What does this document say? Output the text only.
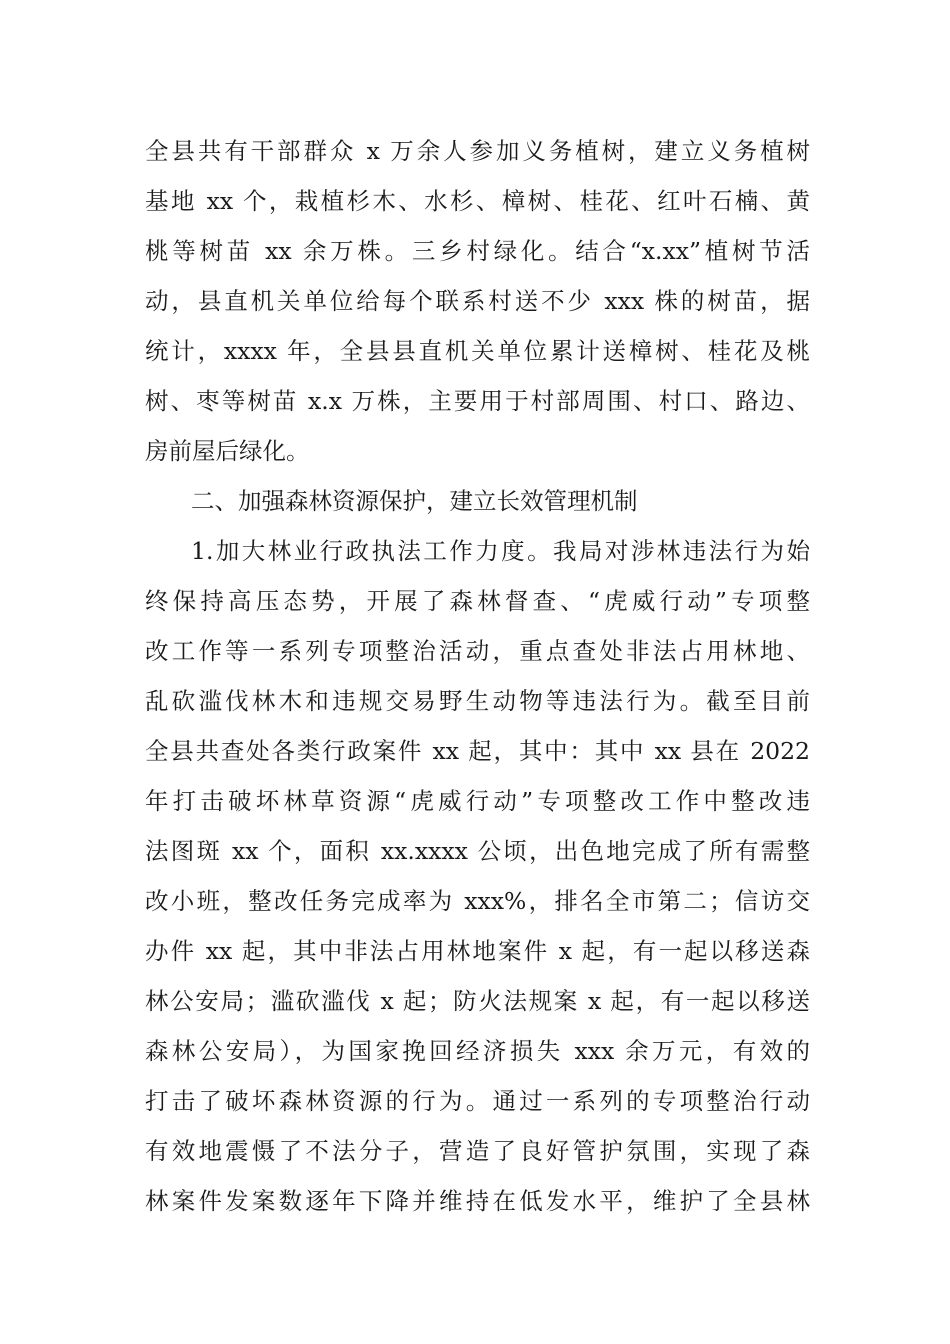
全县共有干部群众 x 万余人参加义务植树，建立义务植树
基地 xx 个，栽植杉木、水杉、樟树、桂花、红叶石楠、黄
桃等树苗 xx 余万株。三乡村绿化。结合“x.xx”植树节活
动，县直机关单位给每个联系村送不少 xxx 株的树苗，据
统计，xxxx 年，全县县直机关单位累计送樟树、桂花及桃
树、枣等树苗 x.x 万株，主要用于村部周围、村口、路边、
房前屋后绿化。
二、加强森林资源保护，建立长效管理机制
1.加大林业行政执法工作力度。我局对涉林违法行为始
终保持高压态势，开展了森林督查、“虎威行动”专项整
改工作等一系列专项整治活动，重点查处非法占用林地、
乱砍滥伐林木和违规交易野生动物等违法行为。截至目前
全县共查处各类行政案件 xx 起，其中：其中 xx 县在 2022
年打击破坏林草资源“虎威行动”专项整改工作中整改违
法图斑 xx 个，面积 xx.xxxx 公顷，出色地完成了所有需整
改小班，整改任务完成率为 xxx%，排名全市第二；信访交
办件 xx 起，其中非法占用林地案件 x 起，有一起以移送森
林公安局；滥砍滥伐 x 起；防火法规案 x 起，有一起以移送
森林公安局），为国家挽回经济损失 xxx 余万元，有效的
打击了破坏森林资源的行为。通过一系列的专项整治行动
有效地震慑了不法分子，营造了良好管护氛围，实现了森
林案件发案数逐年下降并维持在低发水平，维护了全县林
